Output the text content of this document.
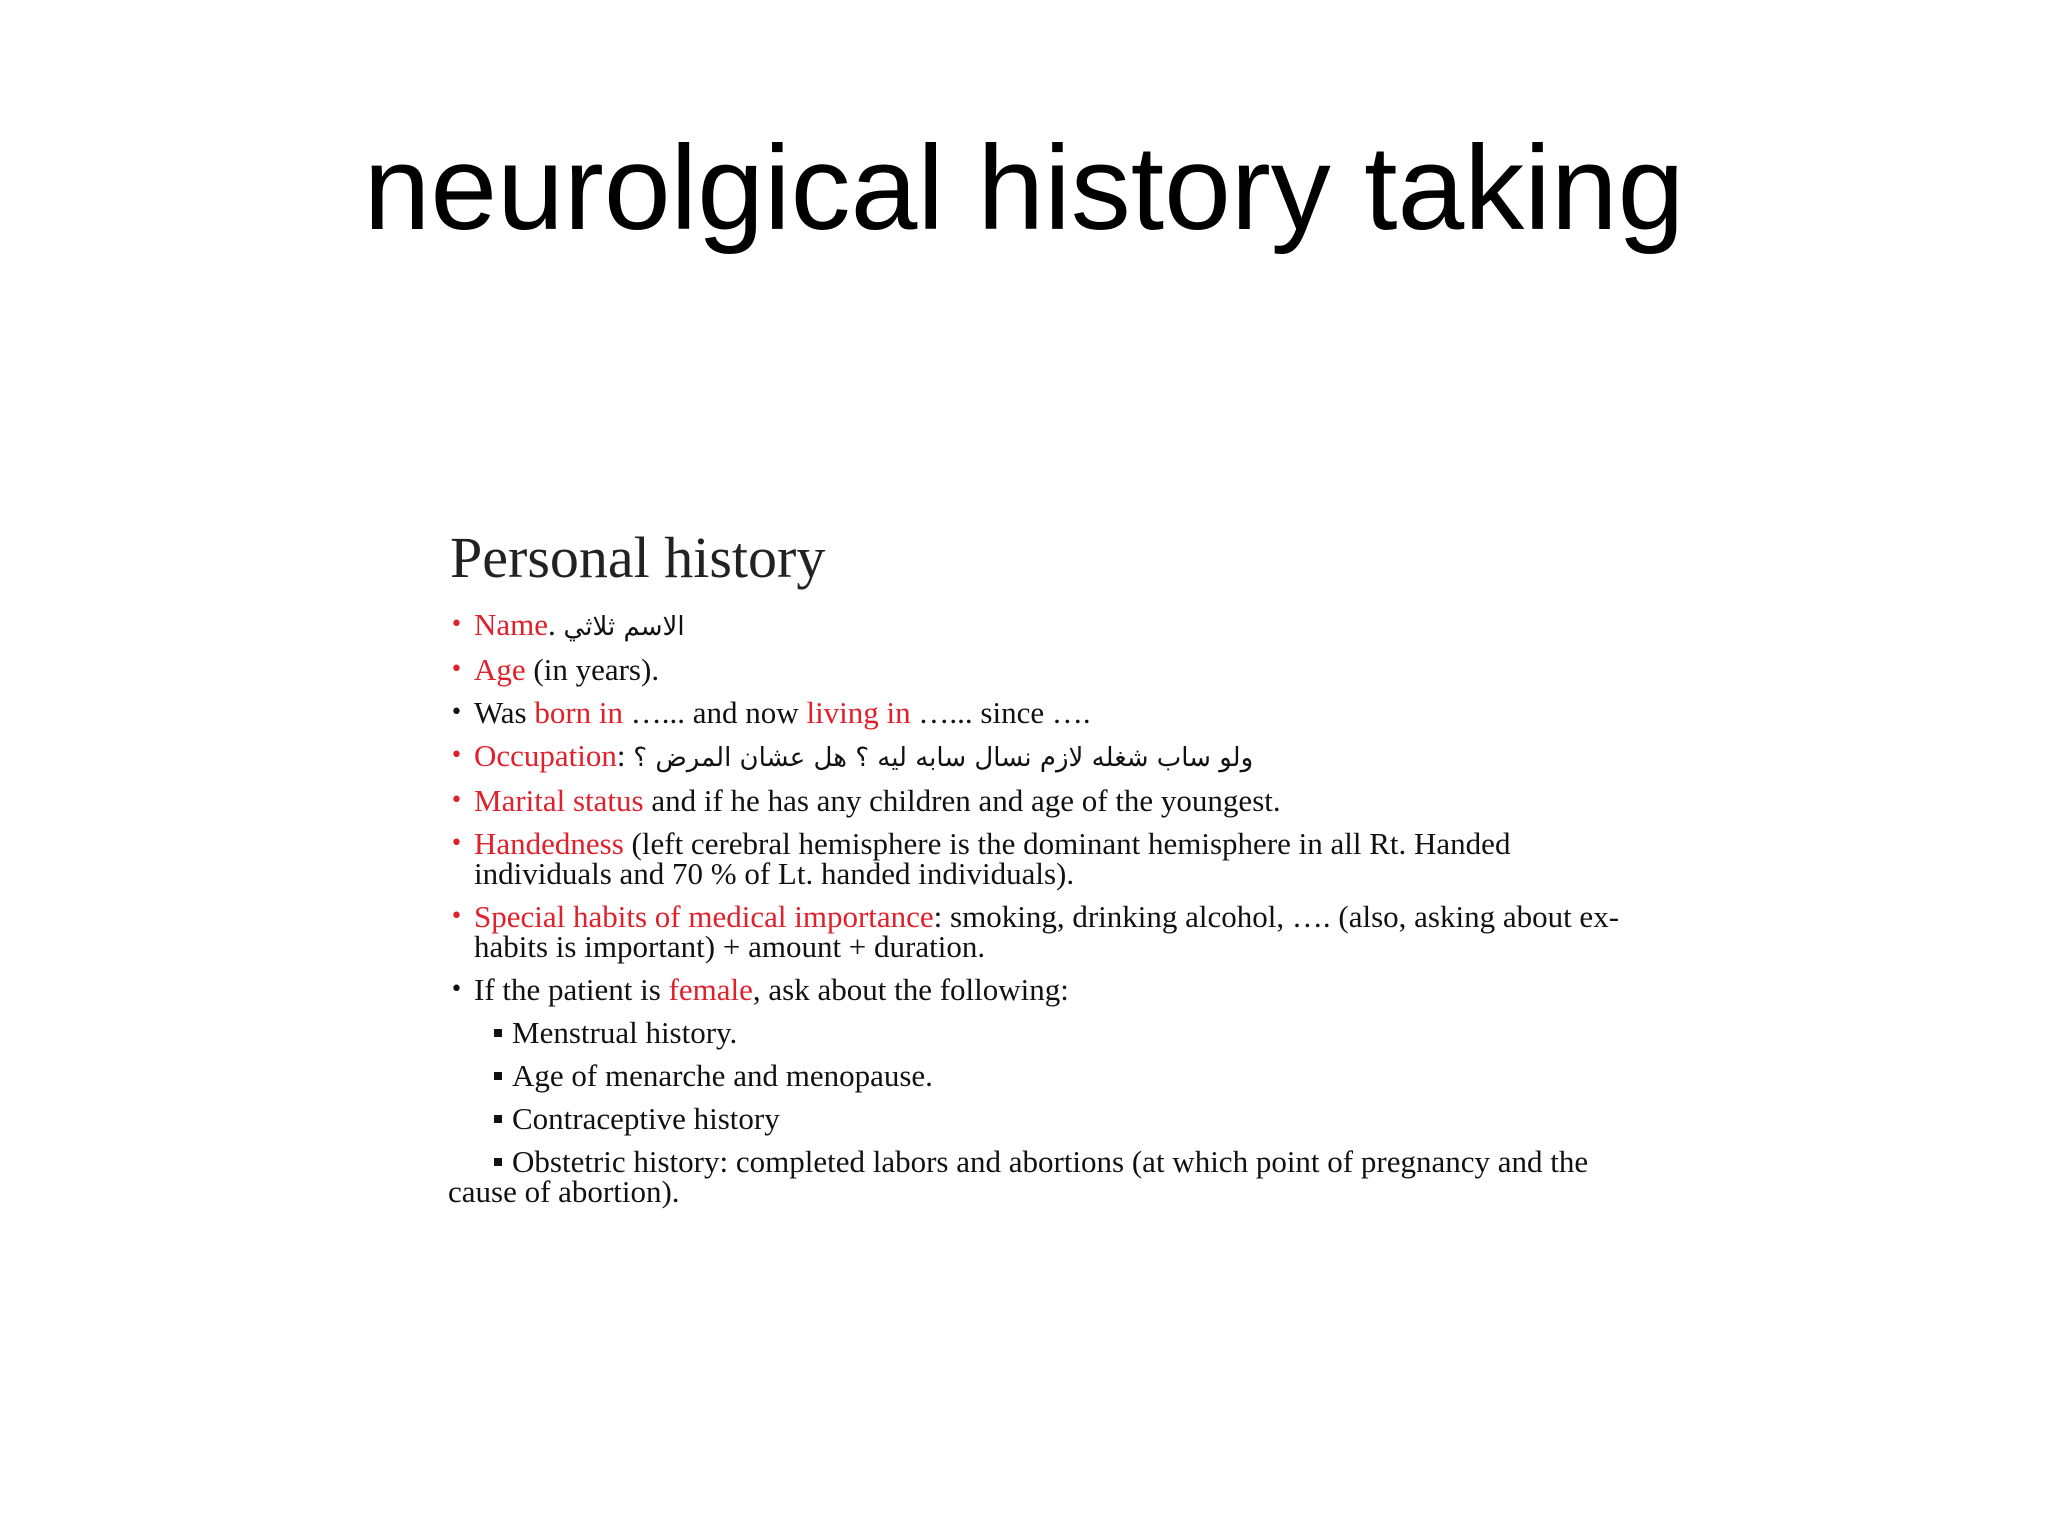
neurolgical history taking
Personal history
• Name. الاسم ثلاثي
• Age (in years).
• Was born in …... and now living in …... since ….
• Occupation: ولو ساب شغله لازم نسال سابه ليه ؟ هل عشان المرض ؟
• Marital status and if he has any children and age of the youngest.
• Handedness (left cerebral hemisphere is the dominant hemisphere in all Rt. Handed individuals and 70 % of Lt. handed individuals).
• Special habits of medical importance: smoking, drinking alcohol, …. (also, asking about ex-habits is important) + amount + duration.
• If the patient is female, ask about the following:
Menstrual history.
Age of menarche and menopause.
Contraceptive history
Obstetric history: completed labors and abortions (at which point of pregnancy and the cause of abortion).
